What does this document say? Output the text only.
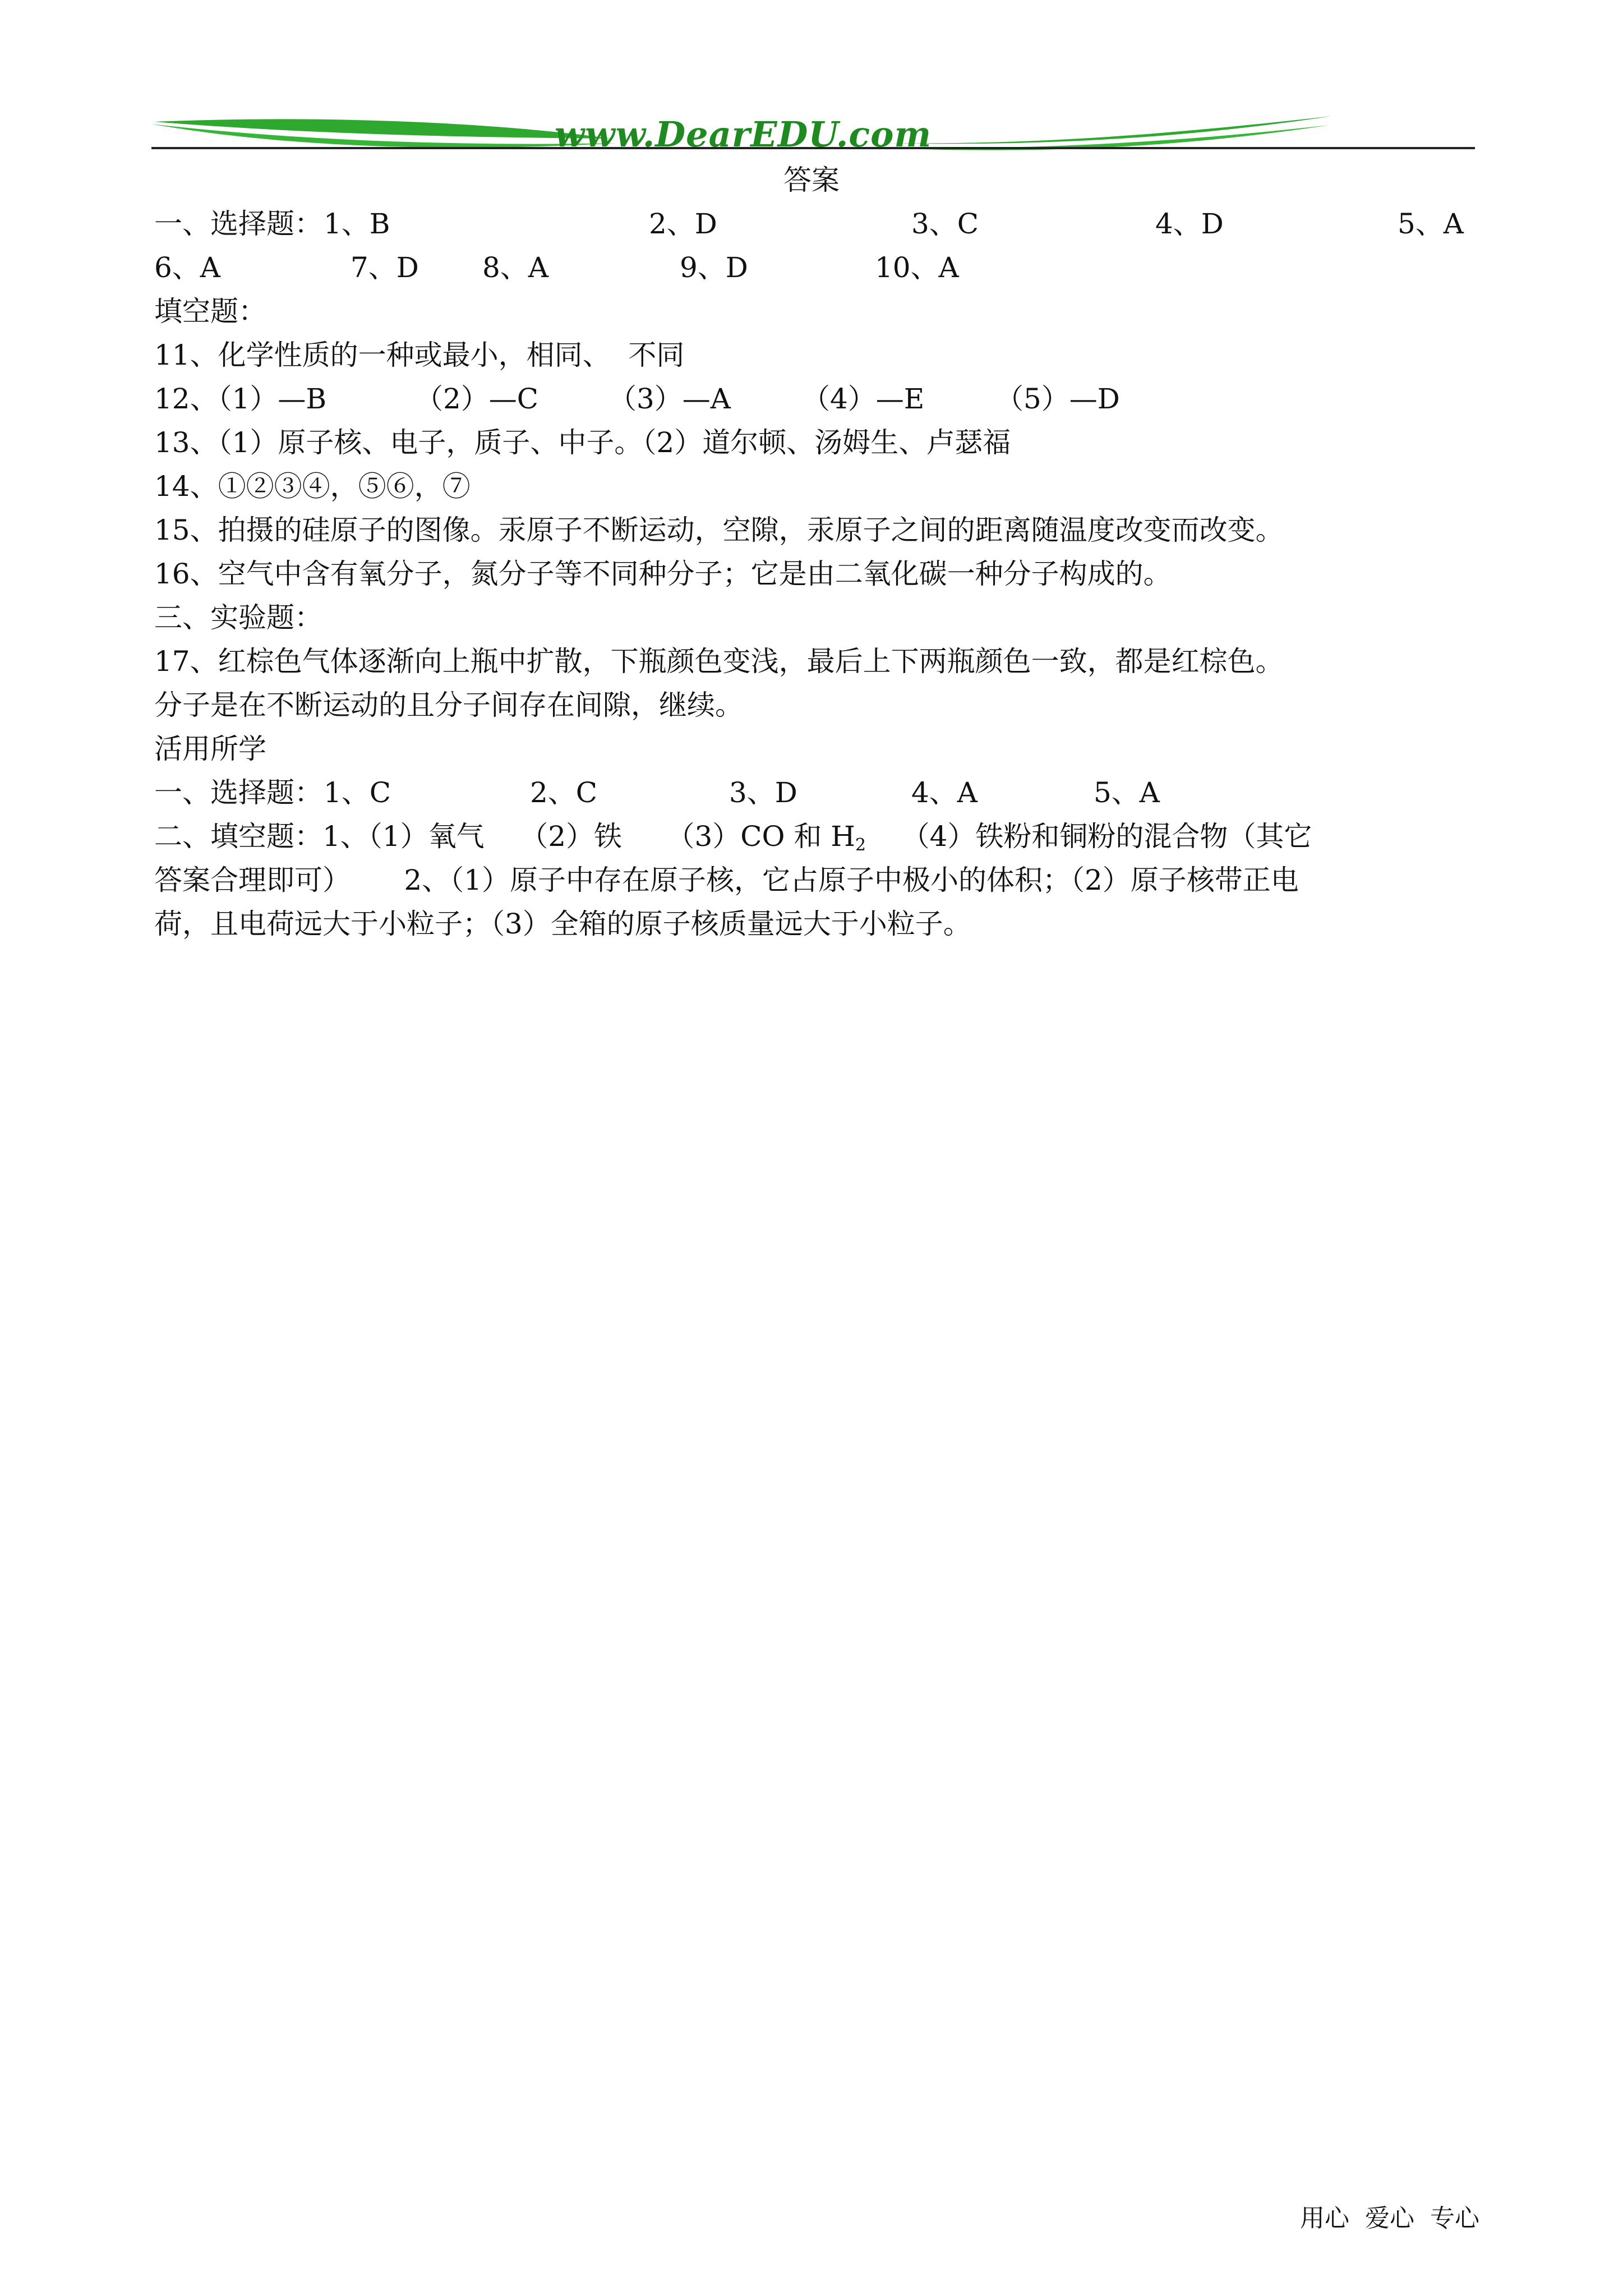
www.DearEDU.com
答案
一、选择题： 1、B	2、D	3、C	4、D	5、A
6、A	7、D 8、A	9、D	10、A
填空题：
11、化学性质的一种或最小，相同、  不同
12、（1）—B	（2）—C （3）—A	（4）—E	（5）—D
13、（1）原子核、电子，质子、中子。（2）道尔顿、汤姆生、卢瑟福
14、①②③④，⑤⑥，⑦
15、拍摄的硅原子的图像。汞原子不断运动，空隙，汞原子之间的距离随温度改变而改变。
16、空气中含有氧分子，氮分子等不同种分子；它是由二氧化碳一种分子构成的。
三、实验题：
17、红棕色气体逐渐向上瓶中扩散，下瓶颜色变浅，最后上下两瓶颜色一致，都是红棕色。
分子是在不断运动的且分子间存在间隙，继续。
活用所学
一、选择题： 1、C	2、C	3、D	4、A	5、A
二、填空题：1、（1）氧气    （2）铁     （3）CO 和 $H_2$    （4）铁粉和铜粉的混合物（其它
答案合理即可）      2、（1）原子中存在原子核，它占原子中极小的体积；（2）原子核带正电
荷，且电荷远大于小粒子；（3）全箱的原子核质量远大于小粒子。
用心  爱心  专心
